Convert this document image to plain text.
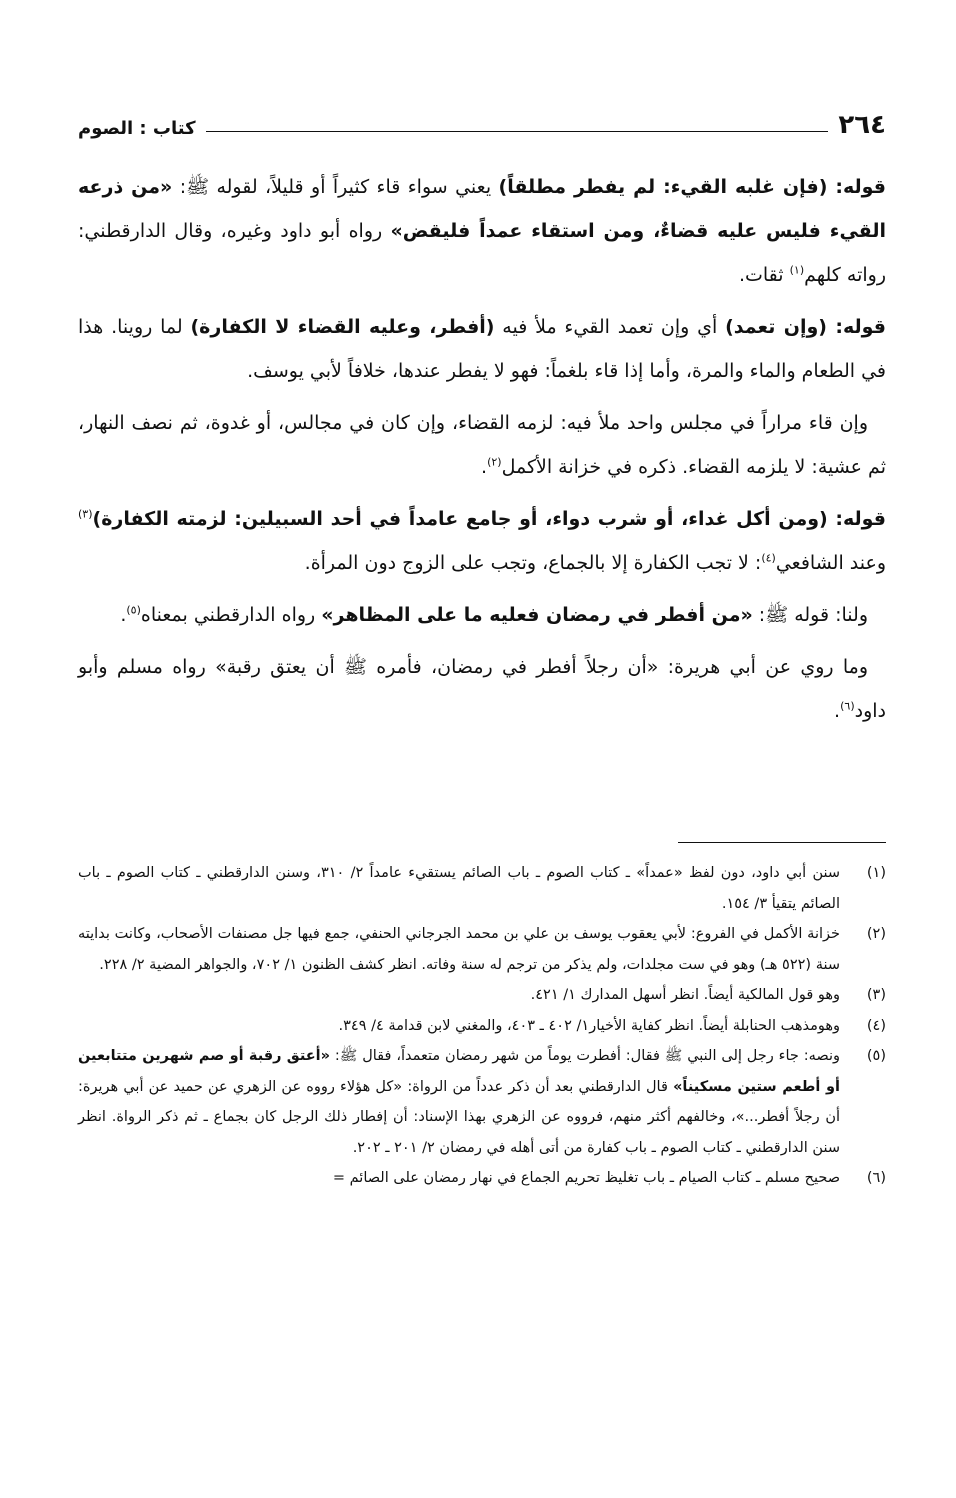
٢٦٤
كتاب : الصوم

قوله: (فإن غلبه القيء: لم يفطر مطلقاً) يعني سواء قاء كثيراً أو قليلاً، لقوله ﷺ: «من ذرعه القيء فليس عليه قضاءٌ، ومن استقاء عمداً فليقض» رواه أبو داود وغيره، وقال الدارقطني: رواته كلهم$^{(١)}$ ثقات.

قوله: (وإن تعمد) أي وإن تعمد القيء ملأ فيه (أفطر، وعليه القضاء لا الكفارة) لما روينا. هذا في الطعام والماء والمرة، وأما إذا قاء بلغماً: فهو لا يفطر عندها، خلافاً لأبي يوسف.

وإن قاء مراراً في مجلس واحد ملأ فيه: لزمه القضاء، وإن كان في مجالس، أو غدوة، ثم نصف النهار، ثم عشية: لا يلزمه القضاء. ذكره في خزانة الأكمل$^{(٢)}$.

قوله: (ومن أكل غداء، أو شرب دواء، أو جامع عامداً في أحد السبيلين: لزمته الكفارة)$^{(٣)}$ وعند الشافعي$^{(٤)}$: لا تجب الكفارة إلا بالجماع، وتجب على الزوج دون المرأة.

ولنا: قوله ﷺ: «من أفطر في رمضان فعليه ما على المظاهر» رواه الدارقطني بمعناه$^{(٥)}$.

وما روي عن أبي هريرة: «أن رجلاً أفطر في رمضان، فأمره ﷺ أن يعتق رقبة» رواه مسلم وأبو داود$^{(٦)}$.

(١)
سنن أبي داود، دون لفظ «عمداً» ـ كتاب الصوم ـ باب الصائم يستقيء عامداً ٢/ ٣١٠، وسنن الدارقطني ـ كتاب الصوم ـ باب الصائم يتقيأ ٣/ ١٥٤.
(٢)
خزانة الأكمل في الفروع: لأبي يعقوب يوسف بن علي بن محمد الجرجاني الحنفي، جمع فيها جل مصنفات الأصحاب، وكانت بدايته سنة (٥٢٢ هـ) وهو في ست مجلدات، ولم يذكر من ترجم له سنة وفاته. انظر كشف الظنون ١/ ٧٠٢، والجواهر المضية ٢/ ٢٢٨.
(٣)
وهو قول المالكية أيضاً. انظر أسهل المدارك ١/ ٤٢١.
(٤)
وهومذهب الحنابلة أيضاً. انظر كفاية الأخيار١/ ٤٠٢ ـ ٤٠٣، والمغني لابن قدامة ٤/ ٣٤٩.
(٥)
ونصه: جاء رجل إلى النبي ﷺ فقال: أفطرت يوماً من شهر رمضان متعمداً، فقال ﷺ: «أعتق رقبة أو صم شهرين متتابعين أو أطعم ستين مسكيناً» قال الدارقطني بعد أن ذكر عدداً من الرواة: «كل هؤلاء رووه عن الزهري عن حميد عن أبي هريرة: أن رجلاً أفطر...»، وخالفهم أكثر منهم، فرووه عن الزهري بهذا الإسناد: أن إفطار ذلك الرجل كان بجماع ـ ثم ذكر الرواة. انظر سنن الدارقطني ـ كتاب الصوم ـ باب كفارة من أتى أهله في رمضان ٢/ ٢٠١ ـ ٢٠٢.
(٦)
صحيح مسلم ـ كتاب الصيام ـ باب تغليظ تحريم الجماع في نهار رمضان على الصائم =
